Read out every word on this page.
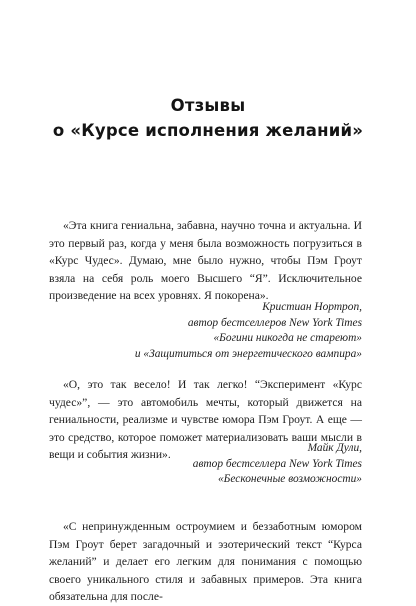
Отзывы
о «Курсе исполнения желаний»

«Эта книга гениальна, забавна, научно точна и актуальна. И это первый раз, когда у меня была возможность погрузиться в «Курс Чудес». Думаю, мне было нужно, чтобы Пэм Гроут взяла на себя роль моего Высшего “Я”. Исключительное произведение на всех уровнях. Я покорена».

Кристиан Нортроп,
автор бестселлеров New York Times
«Богини никогда не стареют»
и «Защититься от энергетического вампира»

«О, это так весело! И так легко! “Эксперимент «Курс чудес»”, — это автомобиль мечты, который движется на гениальности, реализме и чувстве юмора Пэм Гроут. А еще — это средство, которое поможет материализовать ваши мысли в вещи и события жизни».	Майк Дули,
автор бестселлера New York Times
«Бесконечные возможности»

«С непринужденным остроумием и беззаботным юмором Пэм Гроут берет загадочный и эзотерический текст “Курса желаний” и делает его легким для понимания с помощью своего уникального стиля и забавных примеров. Эта книга обязательна для после-
